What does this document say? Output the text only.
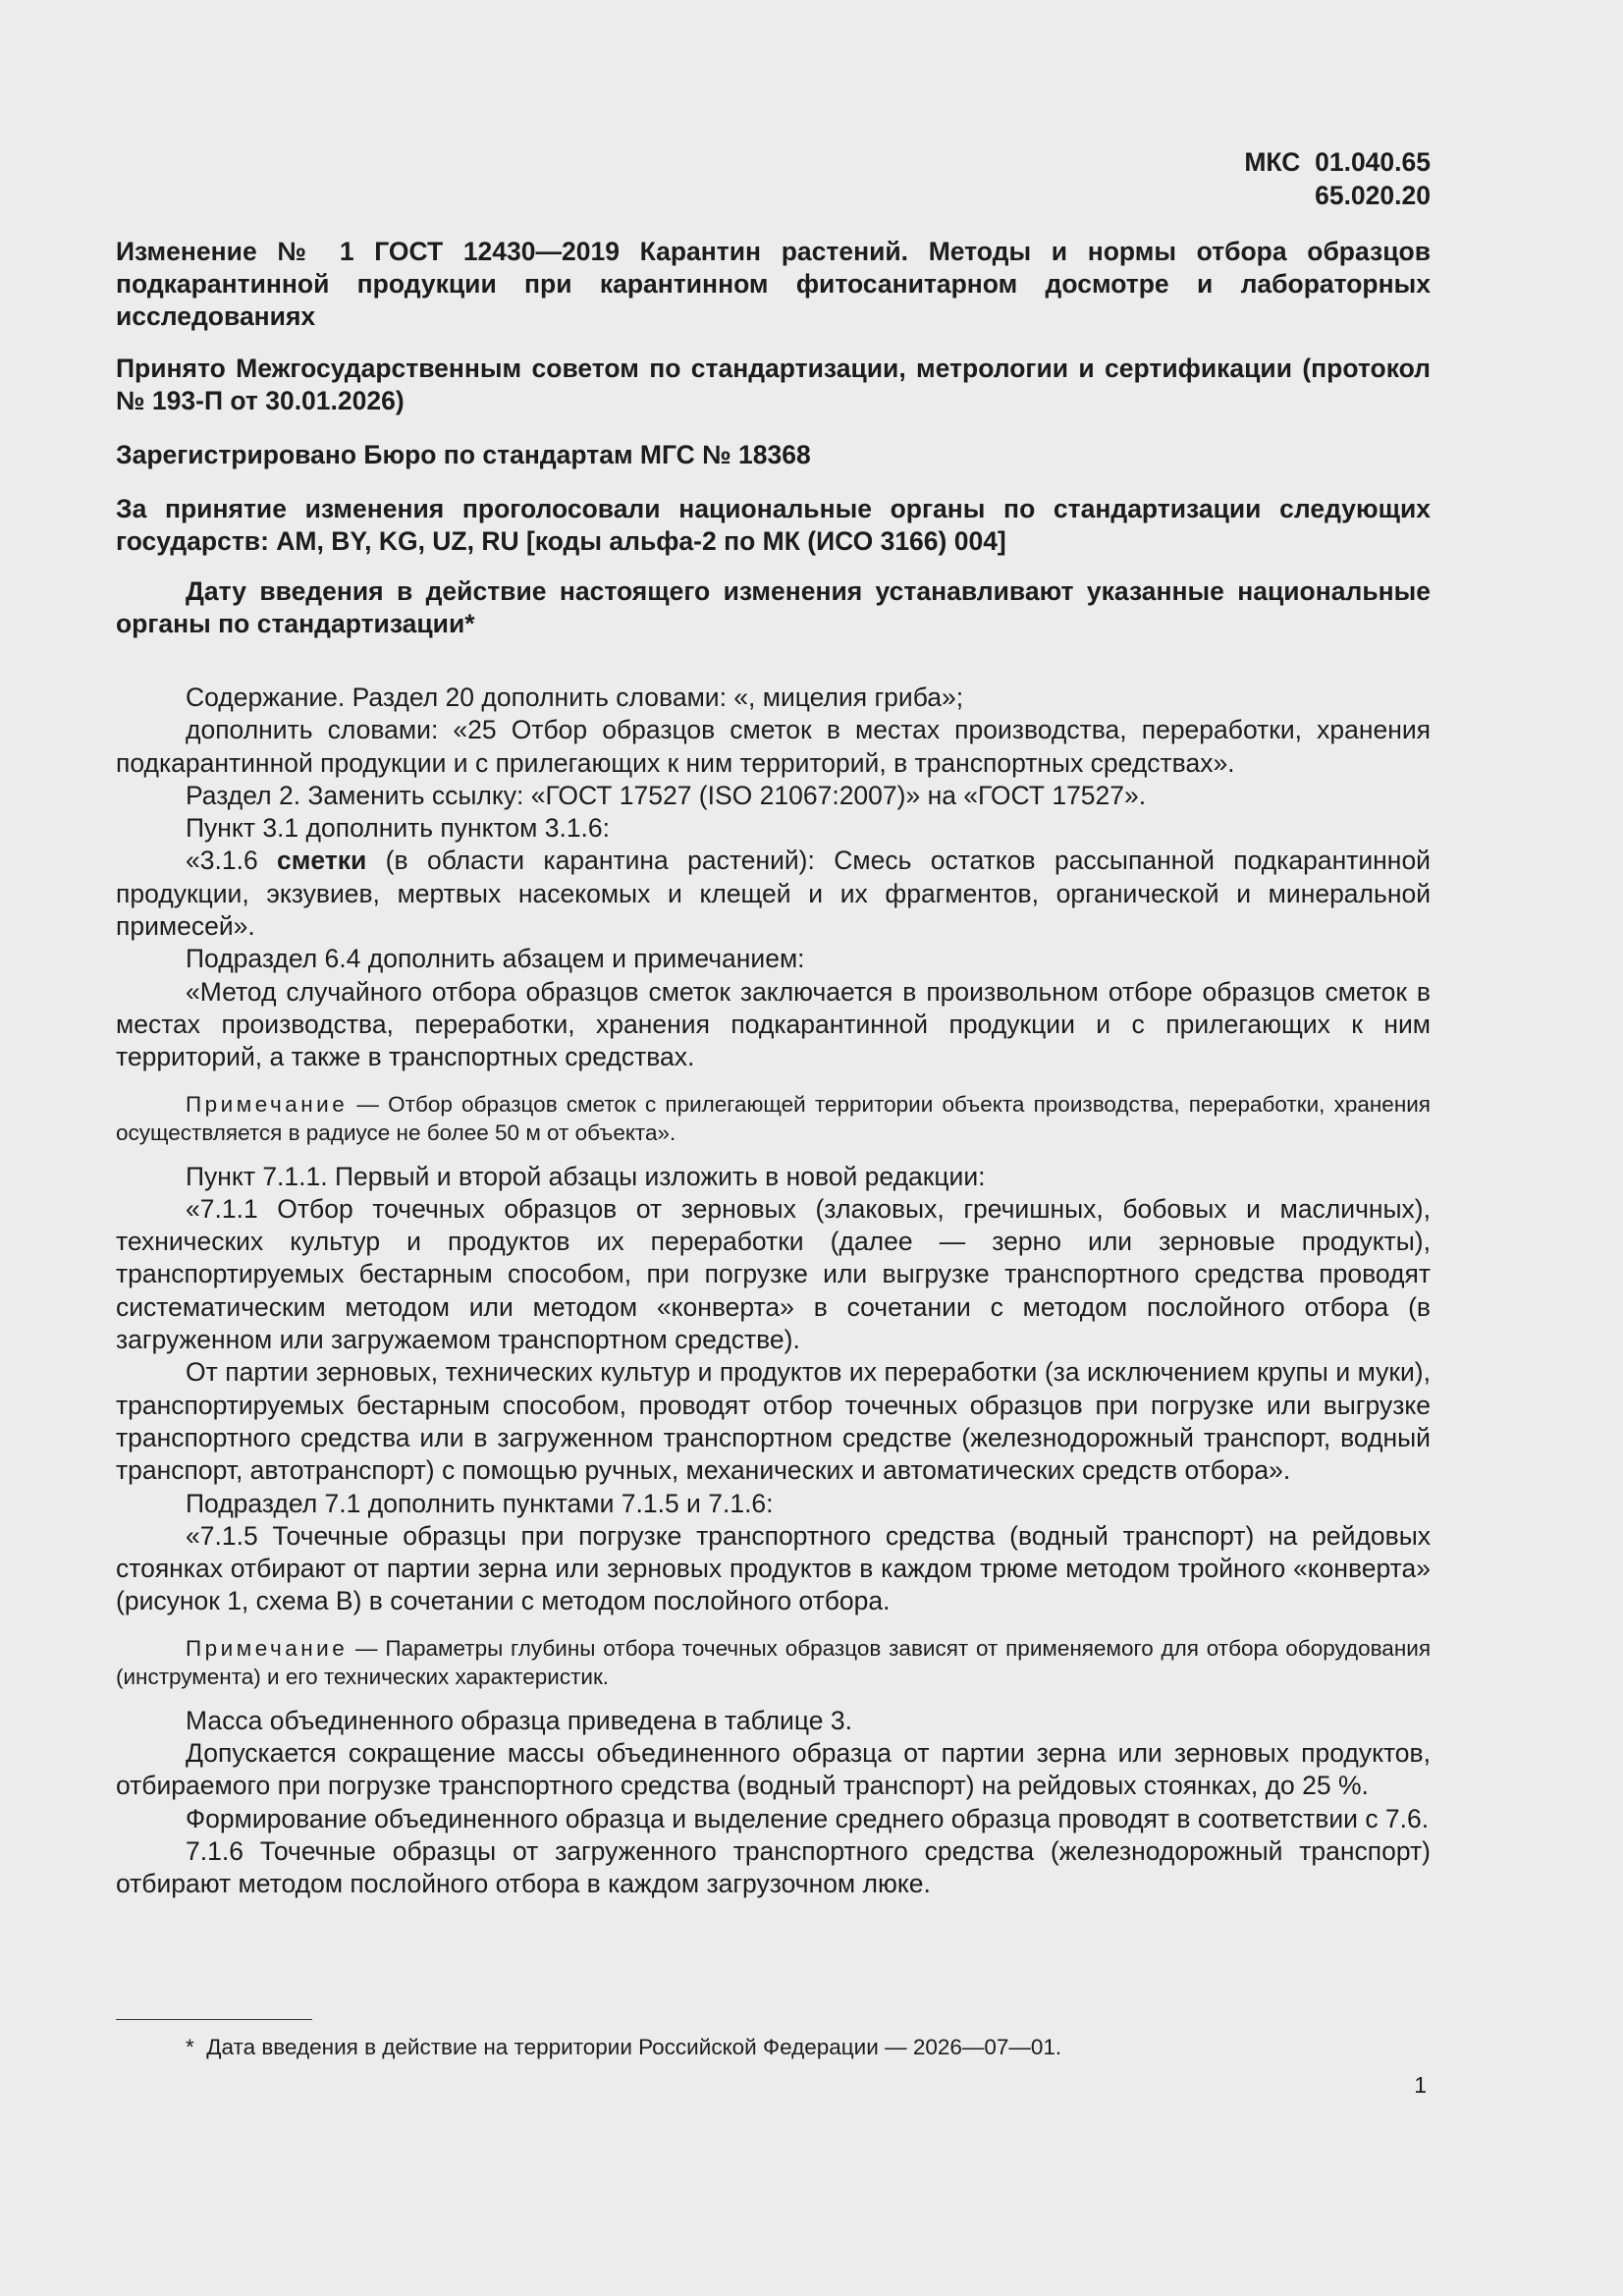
МКС  01.040.65
65.020.20

Изменение № 1 ГОСТ 12430—2019 Карантин растений. Методы и нормы отбора образцов подкарантинной продукции при карантинном фитосанитарном досмотре и лабораторных исследованиях

Принято Межгосударственным советом по стандартизации, метрологии и сертификации (протокол № 193-П от 30.01.2026)

Зарегистрировано Бюро по стандартам МГС № 18368

За принятие изменения проголосовали национальные органы по стандартизации следующих государств: AM, BY, KG, UZ, RU [коды альфа-2 по МК (ИСО 3166) 004]

Дату введения в действие настоящего изменения устанавливают указанные национальные органы по стандартизации*

Содержание. Раздел 20 дополнить словами: «, мицелия гриба»;

дополнить словами: «25 Отбор образцов сметок в местах производства, переработки, хранения подкарантинной продукции и с прилегающих к ним территорий, в транспортных средствах».

Раздел 2. Заменить ссылку: «ГОСТ 17527 (ISO 21067:2007)» на «ГОСТ 17527».

Пункт 3.1 дополнить пунктом 3.1.6:

«3.1.6 сметки (в области карантина растений): Смесь остатков рассыпанной подкарантинной продукции, экзувиев, мертвых насекомых и клещей и их фрагментов, органической и минеральной примесей».

Подраздел 6.4 дополнить абзацем и примечанием:

«Метод случайного отбора образцов сметок заключается в произвольном отборе образцов сметок в местах производства, переработки, хранения подкарантинной продукции и с прилегающих к ним территорий, а также в транспортных средствах.

Примечание — Отбор образцов сметок с прилегающей территории объекта производства, переработки, хранения осуществляется в радиусе не более 50 м от объекта».

Пункт 7.1.1. Первый и второй абзацы изложить в новой редакции:

«7.1.1 Отбор точечных образцов от зерновых (злаковых, гречишных, бобовых и масличных), технических культур и продуктов их переработки (далее — зерно или зерновые продукты), транспортируемых бестарным способом, при погрузке или выгрузке транспортного средства проводят систематическим методом или методом «конверта» в сочетании с методом послойного отбора (в загруженном или загружаемом транспортном средстве).

От партии зерновых, технических культур и продуктов их переработки (за исключением крупы и муки), транспортируемых бестарным способом, проводят отбор точечных образцов при погрузке или выгрузке транспортного средства или в загруженном транспортном средстве (железнодорожный транспорт, водный транспорт, автотранспорт) с помощью ручных, механических и автоматических средств отбора».

Подраздел 7.1 дополнить пунктами 7.1.5 и 7.1.6:

«7.1.5 Точечные образцы при погрузке транспортного средства (водный транспорт) на рейдовых стоянках отбирают от партии зерна или зерновых продуктов в каждом трюме методом тройного «конверта» (рисунок 1, схема В) в сочетании с методом послойного отбора.

Примечание — Параметры глубины отбора точечных образцов зависят от применяемого для отбора оборудования (инструмента) и его технических характеристик.

Масса объединенного образца приведена в таблице 3.

Допускается сокращение массы объединенного образца от партии зерна или зерновых продуктов, отбираемого при погрузке транспортного средства (водный транспорт) на рейдовых стоянках, до 25 %.

Формирование объединенного образца и выделение среднего образца проводят в соответствии с 7.6.

7.1.6 Точечные образцы от загруженного транспортного средства (железнодорожный транспорт) отбирают методом послойного отбора в каждом загрузочном люке.

*  Дата введения в действие на территории Российской Федерации — 2026—07—01.
1
